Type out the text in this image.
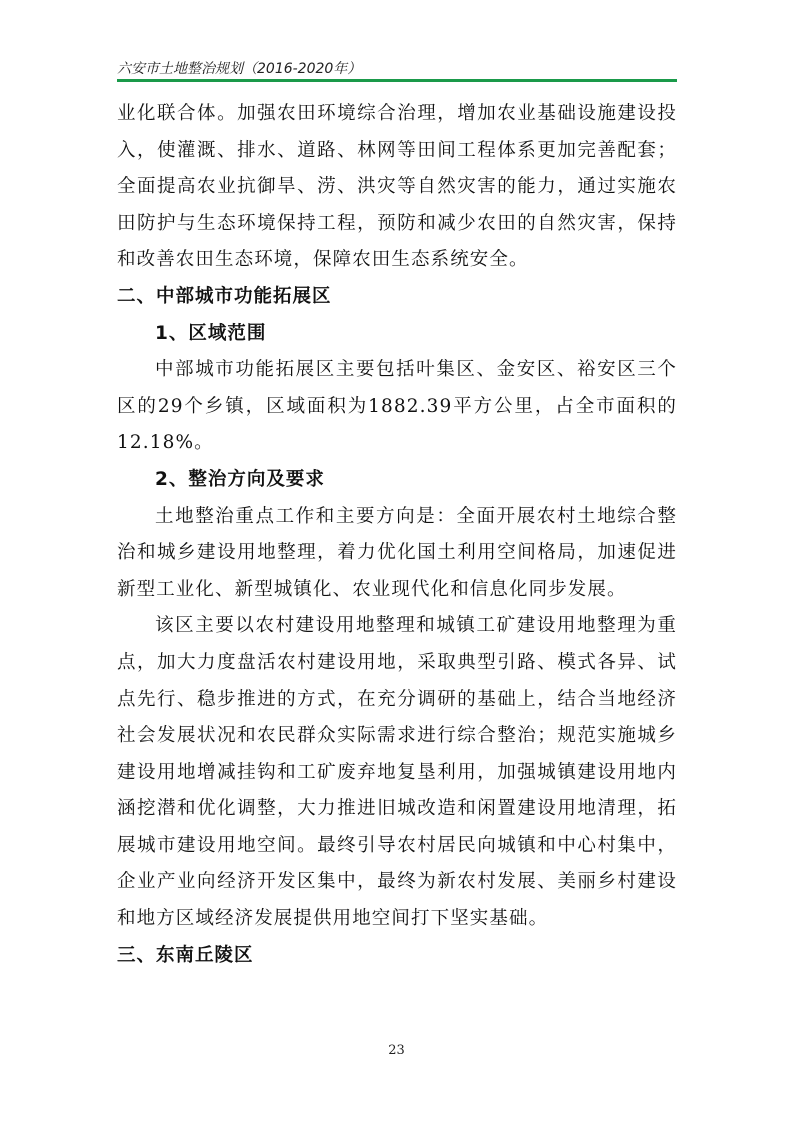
六安市土地整治规划（2016-2020年）

业化联合体。加强农田环境综合治理，增加农业基础设施建设投入，使灌溉、排水、道路、林网等田间工程体系更加完善配套；全面提高农业抗御旱、涝、洪灾等自然灾害的能力，通过实施农田防护与生态环境保持工程，预防和减少农田的自然灾害，保持和改善农田生态环境，保障农田生态系统安全。

二、中部城市功能拓展区

1、区域范围

中部城市功能拓展区主要包括叶集区、金安区、裕安区三个区的29个乡镇，区域面积为1882.39平方公里，占全市面积的12.18%。

2、整治方向及要求

土地整治重点工作和主要方向是：全面开展农村土地综合整治和城乡建设用地整理，着力优化国土利用空间格局，加速促进新型工业化、新型城镇化、农业现代化和信息化同步发展。

该区主要以农村建设用地整理和城镇工矿建设用地整理为重点，加大力度盘活农村建设用地，采取典型引路、模式各异、试点先行、稳步推进的方式，在充分调研的基础上，结合当地经济社会发展状况和农民群众实际需求进行综合整治；规范实施城乡建设用地增减挂钩和工矿废弃地复垦利用，加强城镇建设用地内涵挖潜和优化调整，大力推进旧城改造和闲置建设用地清理，拓展城市建设用地空间。最终引导农村居民向城镇和中心村集中，企业产业向经济开发区集中，最终为新农村发展、美丽乡村建设和地方区域经济发展提供用地空间打下坚实基础。

三、东南丘陵区

23
